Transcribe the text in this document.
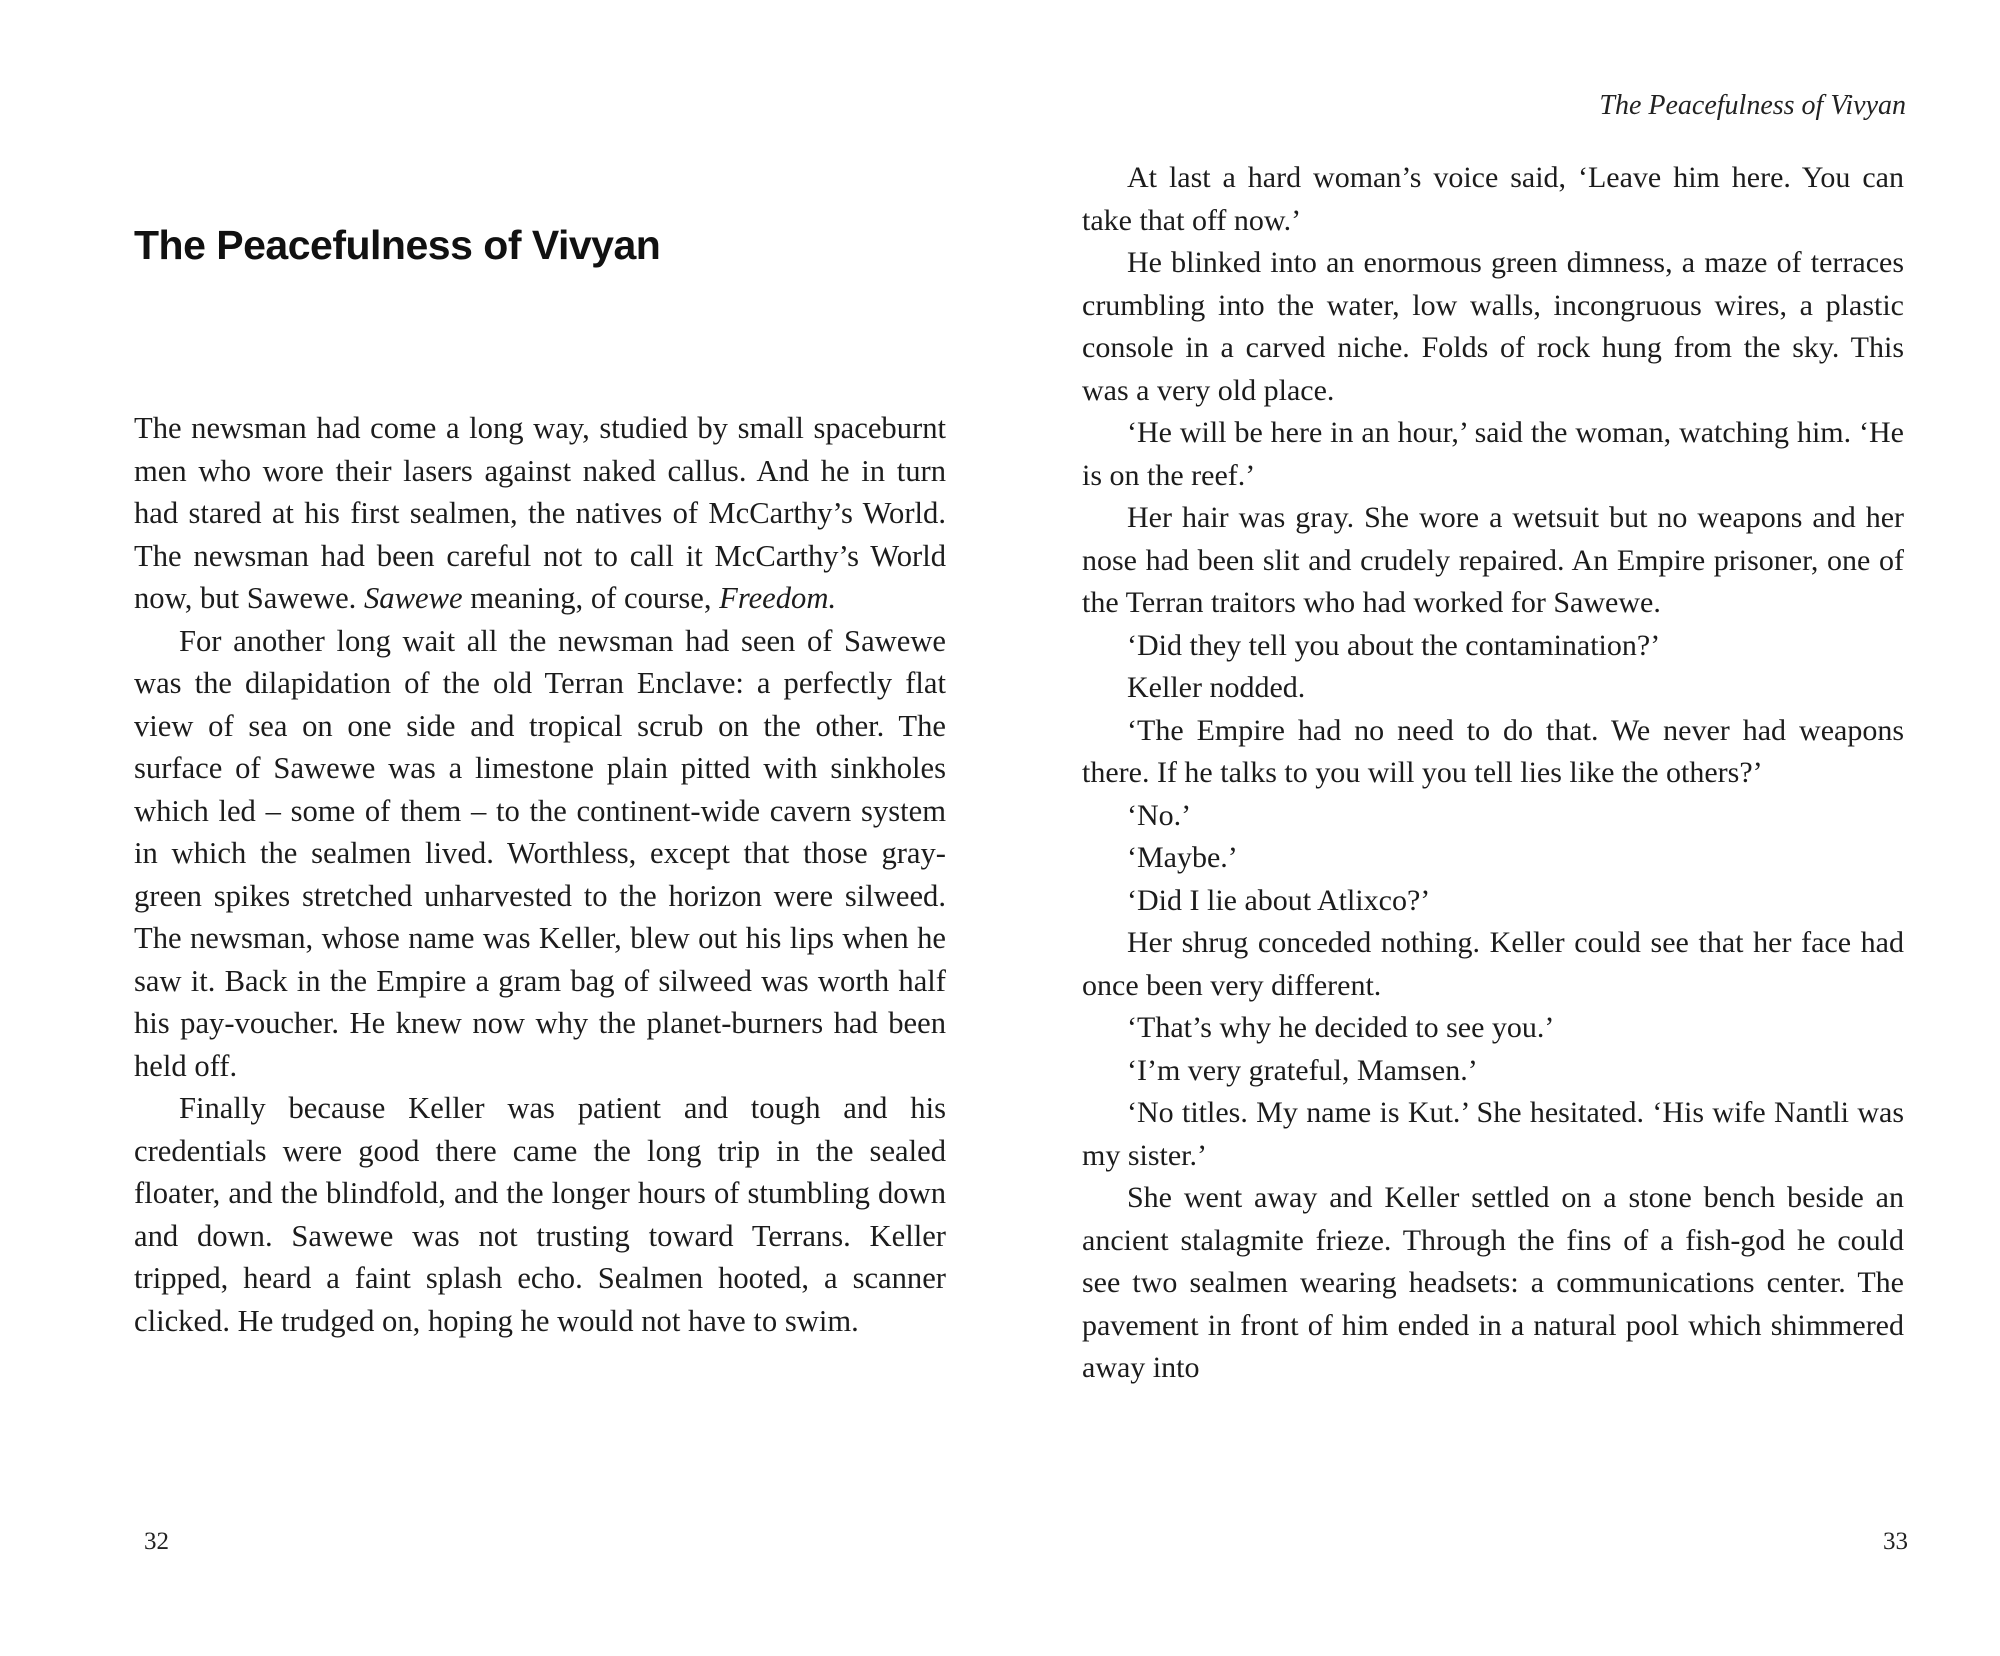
The Peacefulness of Vivyan

The newsman had come a long way, studied by small spaceburnt men who wore their lasers against naked callus. And he in turn had stared at his first sealmen, the natives of McCarthy’s World. The newsman had been careful not to call it McCarthy’s World now, but Sawewe. Sawewe meaning, of course, Freedom.

For another long wait all the newsman had seen of Sawewe was the dilapidation of the old Terran Enclave: a perfectly flat view of sea on one side and tropical scrub on the other. The surface of Sawewe was a limestone plain pitted with sinkholes which led – some of them – to the continent-wide cavern system in which the sealmen lived. Worthless, except that those gray-green spikes stretched unharvested to the horizon were silweed. The newsman, whose name was Keller, blew out his lips when he saw it. Back in the Empire a gram bag of silweed was worth half his pay-voucher. He knew now why the planet-burners had been held off.

Finally because Keller was patient and tough and his credentials were good there came the long trip in the sealed floater, and the blindfold, and the longer hours of stumbling down and down. Sawewe was not trusting toward Terrans. Keller tripped, heard a faint splash echo. Sealmen hooted, a scanner clicked. He trudged on, hoping he would not have to swim.

32
The Peacefulness of Vivyan

At last a hard woman’s voice said, ‘Leave him here. You can take that off now.’

He blinked into an enormous green dimness, a maze of terraces crumbling into the water, low walls, incongruous wires, a plastic console in a carved niche. Folds of rock hung from the sky. This was a very old place.

‘He will be here in an hour,’ said the woman, watching him. ‘He is on the reef.’

Her hair was gray. She wore a wetsuit but no weapons and her nose had been slit and crudely repaired. An Empire prisoner, one of the Terran traitors who had worked for Sawewe.

‘Did they tell you about the contamination?’

Keller nodded.

‘The Empire had no need to do that. We never had weapons there. If he talks to you will you tell lies like the others?’

‘No.’

‘Maybe.’

‘Did I lie about Atlixco?’

Her shrug conceded nothing. Keller could see that her face had once been very different.

‘That’s why he decided to see you.’

‘I’m very grateful, Mamsen.’

‘No titles. My name is Kut.’ She hesitated. ‘His wife Nantli was my sister.’

She went away and Keller settled on a stone bench beside an ancient stalagmite frieze. Through the fins of a fish-god he could see two sealmen wearing headsets: a communications center. The pavement in front of him ended in a natural pool which shimmered away into

33
